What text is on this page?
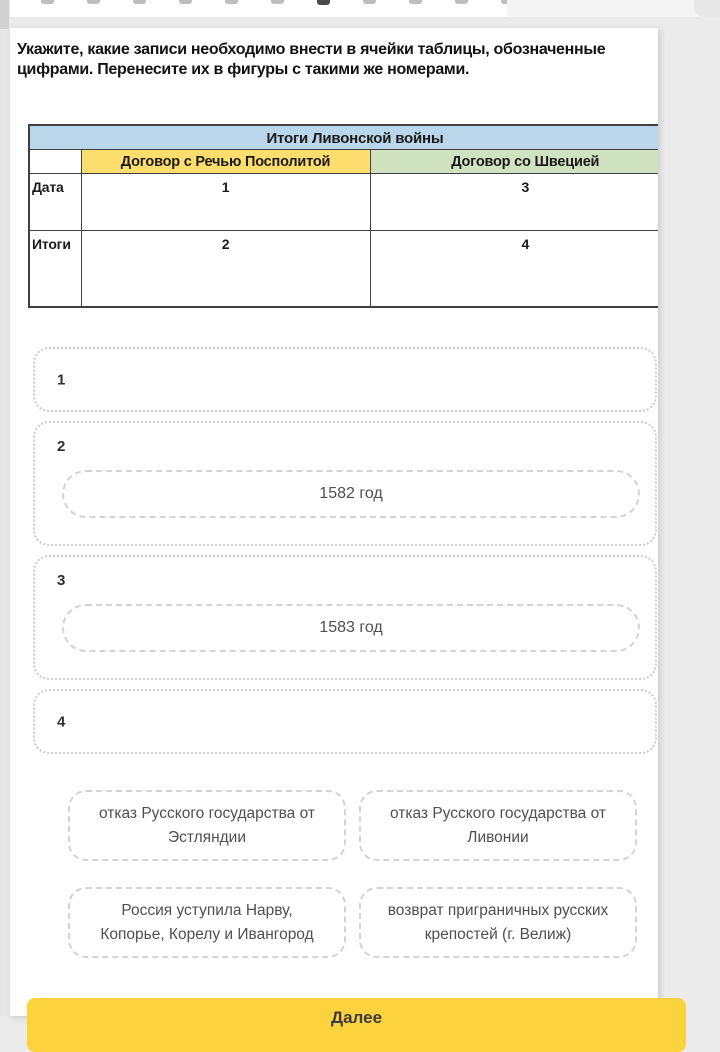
Укажите, какие записи необходимо внести в ячейки таблицы, обозначенные цифрами. Перенесите их в фигуры с такими же номерами.

Итоги Ливонской войны		
	Договор с Речью Посполитой	Договор со Швецией
Дата	1	3
Итоги	2	4
1
2
1582 год
3
1583 год
4
отказ Русского государства от Эстляндии
отказ Русского государства от Ливонии
Россия уступила Нарву, Копорье, Корелу и Ивангород
возврат приграничных русских крепостей (г. Велиж)
Далее
